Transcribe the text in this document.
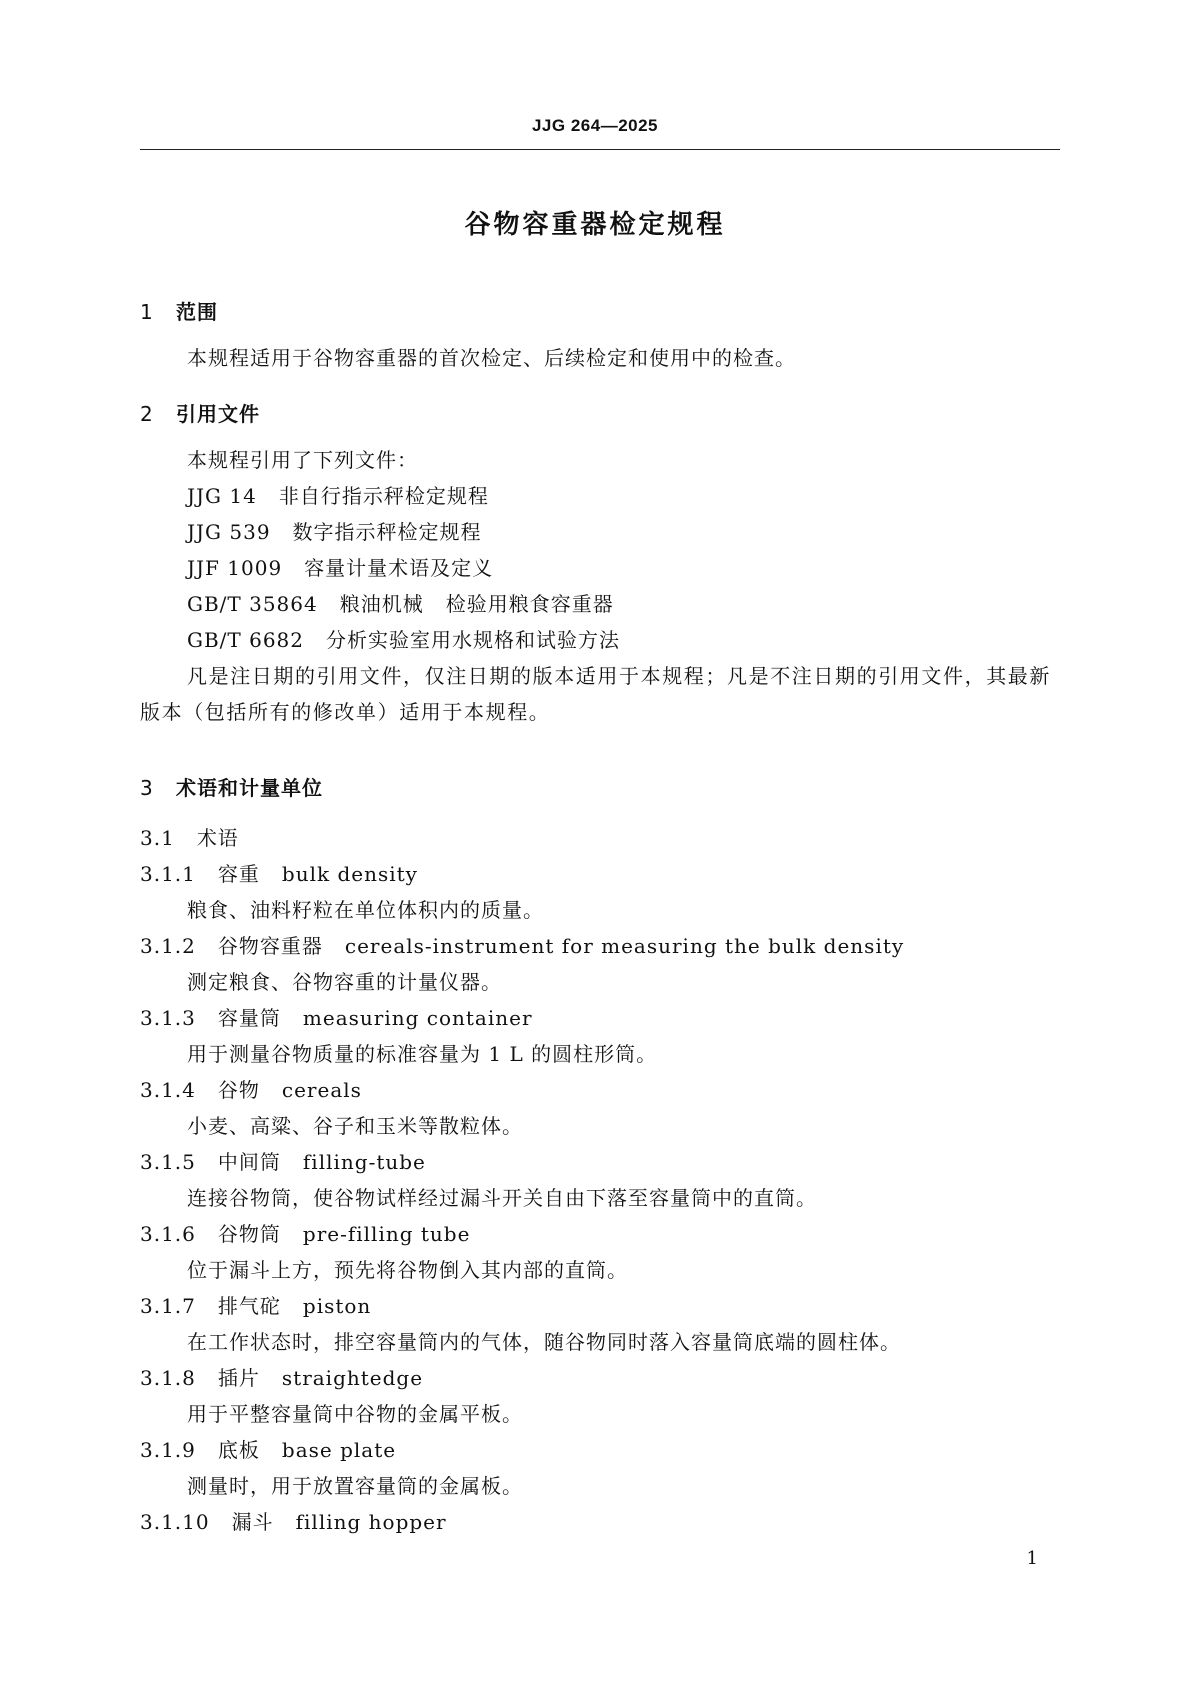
JJG 264—2025
谷物容重器检定规程
1 范围
本规程适用于谷物容重器的首次检定、后续检定和使用中的检查。
2 引用文件
本规程引用了下列文件：
JJG 14 非自行指示秤检定规程
JJG 539 数字指示秤检定规程
JJF 1009 容量计量术语及定义
GB/T 35864 粮油机械 检验用粮食容重器
GB/T 6682 分析实验室用水规格和试验方法
凡是注日期的引用文件，仅注日期的版本适用于本规程；凡是不注日期的引用文件，其最新版本（包括所有的修改单）适用于本规程。
3 术语和计量单位
3.1 术语
3.1.1 容重 bulk density
粮食、油料籽粒在单位体积内的质量。
3.1.2 谷物容重器 cereals-instrument for measuring the bulk density
测定粮食、谷物容重的计量仪器。
3.1.3 容量筒 measuring container
用于测量谷物质量的标准容量为 1 L 的圆柱形筒。
3.1.4 谷物 cereals
小麦、高粱、谷子和玉米等散粒体。
3.1.5 中间筒 filling-tube
连接谷物筒，使谷物试样经过漏斗开关自由下落至容量筒中的直筒。
3.1.6 谷物筒 pre-filling tube
位于漏斗上方，预先将谷物倒入其内部的直筒。
3.1.7 排气砣 piston
在工作状态时，排空容量筒内的气体，随谷物同时落入容量筒底端的圆柱体。
3.1.8 插片 straightedge
用于平整容量筒中谷物的金属平板。
3.1.9 底板 base plate
测量时，用于放置容量筒的金属板。
3.1.10 漏斗 filling hopper
1
